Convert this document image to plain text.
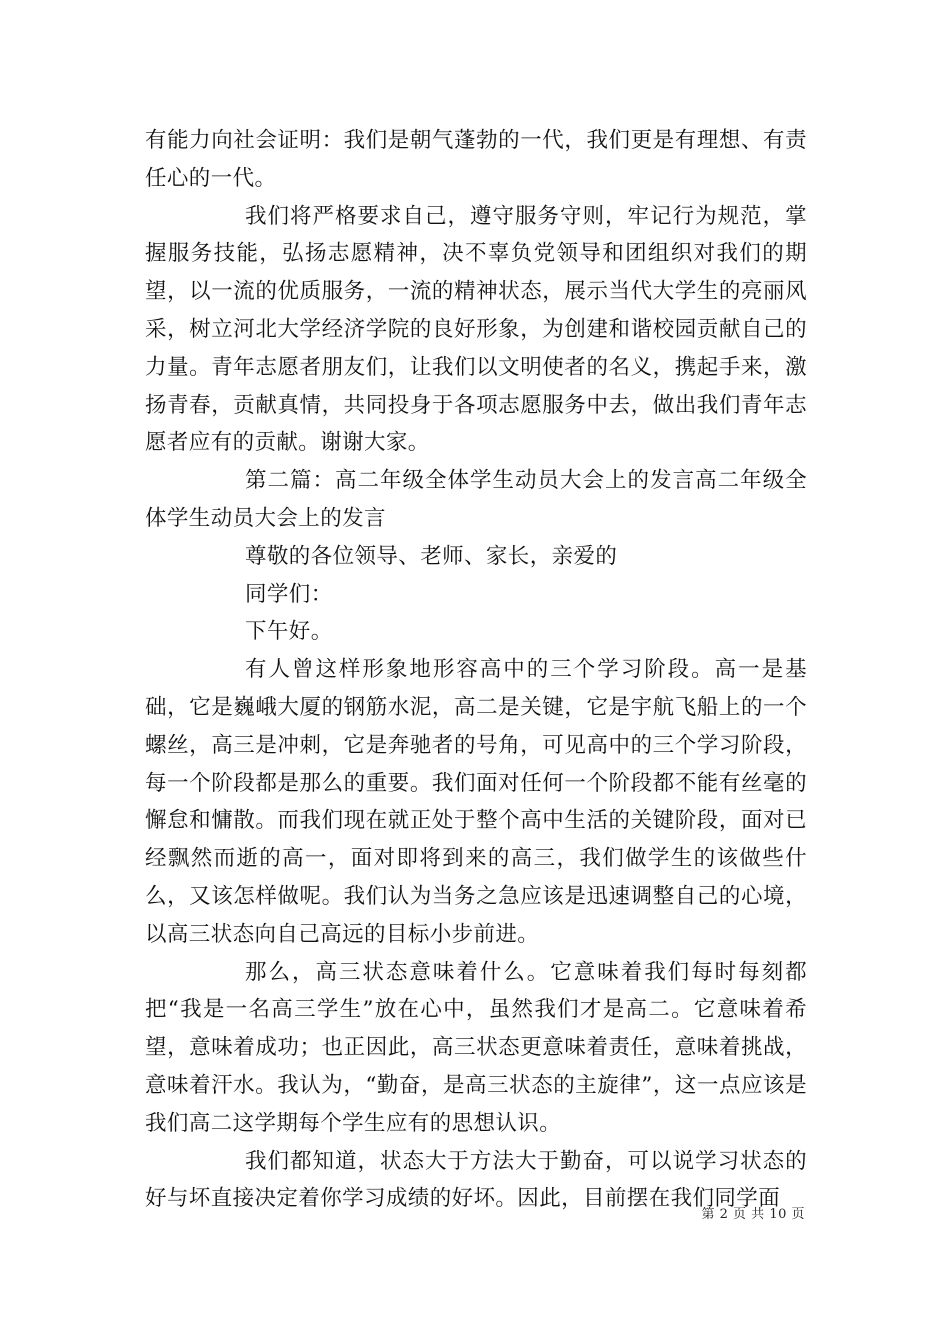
有能力向社会证明：我们是朝气蓬勃的一代，我们更是有理想、有责任心的一代。

我们将严格要求自己，遵守服务守则，牢记行为规范，掌握服务技能，弘扬志愿精神，决不辜负党领导和团组织对我们的期望，以一流的优质服务，一流的精神状态，展示当代大学生的亮丽风采，树立河北大学经济学院的良好形象，为创建和谐校园贡献自己的力量。青年志愿者朋友们，让我们以文明使者的名义，携起手来，激扬青春，贡献真情，共同投身于各项志愿服务中去，做出我们青年志愿者应有的贡献。谢谢大家。

第二篇：高二年级全体学生动员大会上的发言高二年级全体学生动员大会上的发言

尊敬的各位领导、老师、家长，亲爱的

同学们：

下午好。

有人曾这样形象地形容高中的三个学习阶段。高一是基础，它是巍峨大厦的钢筋水泥，高二是关键，它是宇航飞船上的一个螺丝，高三是冲刺，它是奔驰者的号角，可见高中的三个学习阶段，每一个阶段都是那么的重要。我们面对任何一个阶段都不能有丝毫的懈怠和慵散。而我们现在就正处于整个高中生活的关键阶段，面对已经飘然而逝的高一，面对即将到来的高三，我们做学生的该做些什么，又该怎样做呢。我们认为当务之急应该是迅速调整自己的心境，以高三状态向自己高远的目标小步前进。

那么，高三状态意味着什么。它意味着我们每时每刻都把“我是一名高三学生”放在心中，虽然我们才是高二。它意味着希望，意味着成功；也正因此，高三状态更意味着责任，意味着挑战，意味着汗水。我认为，“勤奋，是高三状态的主旋律”，这一点应该是我们高二这学期每个学生应有的思想认识。

我们都知道，状态大于方法大于勤奋，可以说学习状态的好与坏直接决定着你学习成绩的好坏。因此，目前摆在我们同学面

第 2 页 共 10 页
